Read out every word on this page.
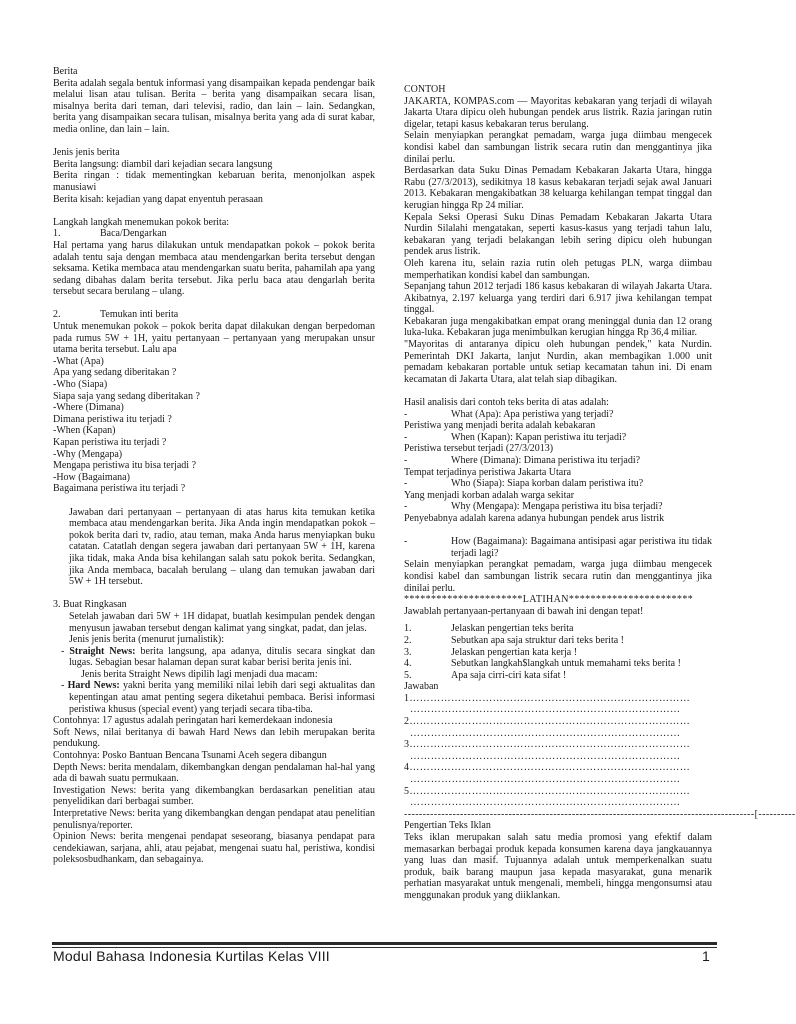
Berita

Berita adalah segala bentuk informasi yang disampaikan kepada pendengar baik melalui lisan atau tulisan. Berita – berita yang disampaikan secara lisan, misalnya berita dari teman, dari televisi, radio, dan lain – lain. Sedangkan, berita yang disampaikan secara tulisan, misalnya berita yang ada di surat kabar, media online, dan lain – lain.

Jenis jenis berita

Berita langsung: diambil dari kejadian secara langsung

Berita ringan : tidak mementingkan kebaruan berita, menonjolkan aspek manusiawi

Berita kisah: kejadian yang dapat enyentuh perasaan

Langkah langkah menemukan pokok berita:

1.	Baca/Dengarkan

Hal pertama yang harus dilakukan untuk mendapatkan pokok – pokok berita adalah tentu saja dengan membaca atau mendengarkan berita tersebut dengan seksama. Ketika membaca atau mendengarkan suatu berita, pahamilah apa yang sedang dibahas dalam berita tersebut. Jika perlu baca atau dengarlah berita tersebut secara berulang – ulang.

2.	Temukan inti berita

Untuk menemukan pokok – pokok berita dapat dilakukan dengan berpedoman pada rumus 5W + 1H, yaitu pertanyaan – pertanyaan yang merupakan unsur utama berita tersebut. Lalu apa

-What (Apa)

Apa yang sedang diberitakan ?

-Who (Siapa)

Siapa saja yang sedang diberitakan ?

-Where (Dimana)

Dimana peristiwa itu terjadi ?

-When (Kapan)

Kapan peristiwa itu terjadi ?

-Why (Mengapa)

Mengapa peristiwa itu bisa terjadi ?

-How (Bagaimana)

Bagaimana peristiwa itu terjadi ?

Jawaban dari pertanyaan – pertanyaan di atas harus kita temukan ketika membaca atau mendengarkan berita. Jika Anda ingin mendapatkan pokok – pokok berita dari tv, radio, atau teman, maka Anda harus menyiapkan buku catatan. Catatlah dengan segera jawaban dari pertanyaan 5W + 1H, karena jika tidak, maka Anda bisa kehilangan salah satu pokok berita. Sedangkan, jika Anda membaca, bacalah berulang – ulang dan temukan jawaban dari 5W + 1H tersebut.

3. Buat Ringkasan

Setelah jawaban dari 5W + 1H didapat, buatlah kesimpulan pendek dengan menyusun jawaban tersebut dengan kalimat yang singkat, padat, dan jelas.

Jenis jenis berita (menurut jurnalistik):

- Straight News: berita langsung, apa adanya, ditulis secara singkat dan lugas. Sebagian besar halaman depan surat kabar berisi berita jenis ini.

Jenis berita Straight News dipilih lagi menjadi dua macam:

- Hard News: yakni berita yang memiliki nilai lebih dari segi aktualitas dan kepentingan atau amat penting segera diketahui pembaca. Berisi informasi peristiwa khusus (special event) yang terjadi secara tiba-tiba.

Contohnya: 17 agustus adalah peringatan hari kemerdekaan indonesia

Soft News, nilai beritanya di bawah Hard News dan lebih merupakan berita pendukung.

Contohnya: Posko Bantuan Bencana Tsunami Aceh segera dibangun

Depth News: berita mendalam, dikembangkan dengan pendalaman hal-hal yang ada di bawah suatu permukaan.

Investigation News: berita yang dikembangkan berdasarkan penelitian atau penyelidikan dari berbagai sumber.

Interpretative News: berita yang dikembangkan dengan pendapat atau penelitian penulisnya/reporter.

Opinion News: berita mengenai pendapat seseorang, biasanya pendapat para cendekiawan, sarjana, ahli, atau pejabat, mengenai suatu hal, peristiwa, kondisi poleksosbudhankam, dan sebagainya.

CONTOH

JAKARTA, KOMPAS.com — Mayoritas kebakaran yang terjadi di wilayah Jakarta Utara dipicu oleh hubungan pendek arus listrik. Razia jaringan rutin digelar, tetapi kasus kebakaran terus berulang.

Selain menyiapkan perangkat pemadam, warga juga diimbau mengecek kondisi kabel dan sambungan listrik secara rutin dan menggantinya jika dinilai perlu.

Berdasarkan data Suku Dinas Pemadam Kebakaran Jakarta Utara, hingga Rabu (27/3/2013), sedikitnya 18 kasus kebakaran terjadi sejak awal Januari 2013. Kebakaran mengakibatkan 38 keluarga kehilangan tempat tinggal dan kerugian hingga Rp 24 miliar.

Kepala Seksi Operasi Suku Dinas Pemadam Kebakaran Jakarta Utara Nurdin Silalahi mengatakan, seperti kasus-kasus yang terjadi tahun lalu, kebakaran yang terjadi belakangan lebih sering dipicu oleh hubungan pendek arus listrik.

Oleh karena itu, selain razia rutin oleh petugas PLN, warga diimbau memperhatikan kondisi kabel dan sambungan.

Sepanjang tahun 2012 terjadi 186 kasus kebakaran di wilayah Jakarta Utara. Akibatnya, 2.197 keluarga yang terdiri dari 6.917 jiwa kehilangan tempat tinggal.

Kebakaran juga mengakibatkan empat orang meninggal dunia dan 12 orang luka-luka. Kebakaran juga menimbulkan kerugian hingga Rp 36,4 miliar.

"Mayoritas di antaranya dipicu oleh hubungan pendek," kata Nurdin. Pemerintah DKI Jakarta, lanjut Nurdin, akan membagikan 1.000 unit pemadam kebakaran portable untuk setiap kecamatan tahun ini. Di enam kecamatan di Jakarta Utara, alat telah siap dibagikan.

Hasil analisis dari contoh teks berita di atas adalah:

-	What (Apa): Apa peristiwa yang terjadi?

Peristiwa yang menjadi berita adalah kebakaran

-	When (Kapan): Kapan peristiwa itu terjadi?

Peristiwa tersebut terjadi (27/3/2013)

-	Where (Dimana): Dimana peristiwa itu terjadi?

Tempat terjadinya peristiwa Jakarta Utara

-	Who (Siapa): Siapa korban dalam peristiwa itu?

Yang menjadi korban adalah warga sekitar

-	Why (Mengapa): Mengapa peristiwa itu bisa terjadi?

Penyebabnya adalah karena adanya hubungan pendek arus listrik

-	How (Bagaimana): Bagaimana antisipasi agar peristiwa itu tidak terjadi lagi?

Selain menyiapkan perangkat pemadam, warga juga diimbau mengecek kondisi kabel dan sambungan listrik secara rutin dan menggantinya jika dinilai perlu.

**********************LATIHAN***********************

Jawablah pertanyaan-pertanyaan di bawah ini dengan tepat!

1.	Jelaskan pengertian teks berita
2.	Sebutkan apa saja struktur dari teks berita !
3.	Jelaskan pengertian kata kerja !
4.	Sebutkan langkah$langkah untuk memahami teks berita !
5.	Apa saja cirri-ciri kata sifat !

Jawaban

1………………………………………………………………………

……………………………………………………………………

2………………………………………………………………………

……………………………………………………………………

3………………………………………………………………………

……………………………………………………………………

4………………………………………………………………………

……………………………………………………………………

5………………………………………………………………………

……………………………………………………………………

----------------------------------------------------------------------------------------------[----------

Pengertian Teks Iklan

Teks iklan merupakan salah satu media promosi yang efektif dalam memasarkan berbagai produk kepada konsumen karena daya jangkauannya yang luas dan masif. Tujuannya adalah untuk memperkenalkan suatu produk, baik barang maupun jasa kepada masyarakat, guna menarik perhatian masyarakat untuk mengenali, membeli, hingga mengonsumsi atau menggunakan produk yang diiklankan.

Modul Bahasa Indonesia Kurtilas Kelas VIII	1
